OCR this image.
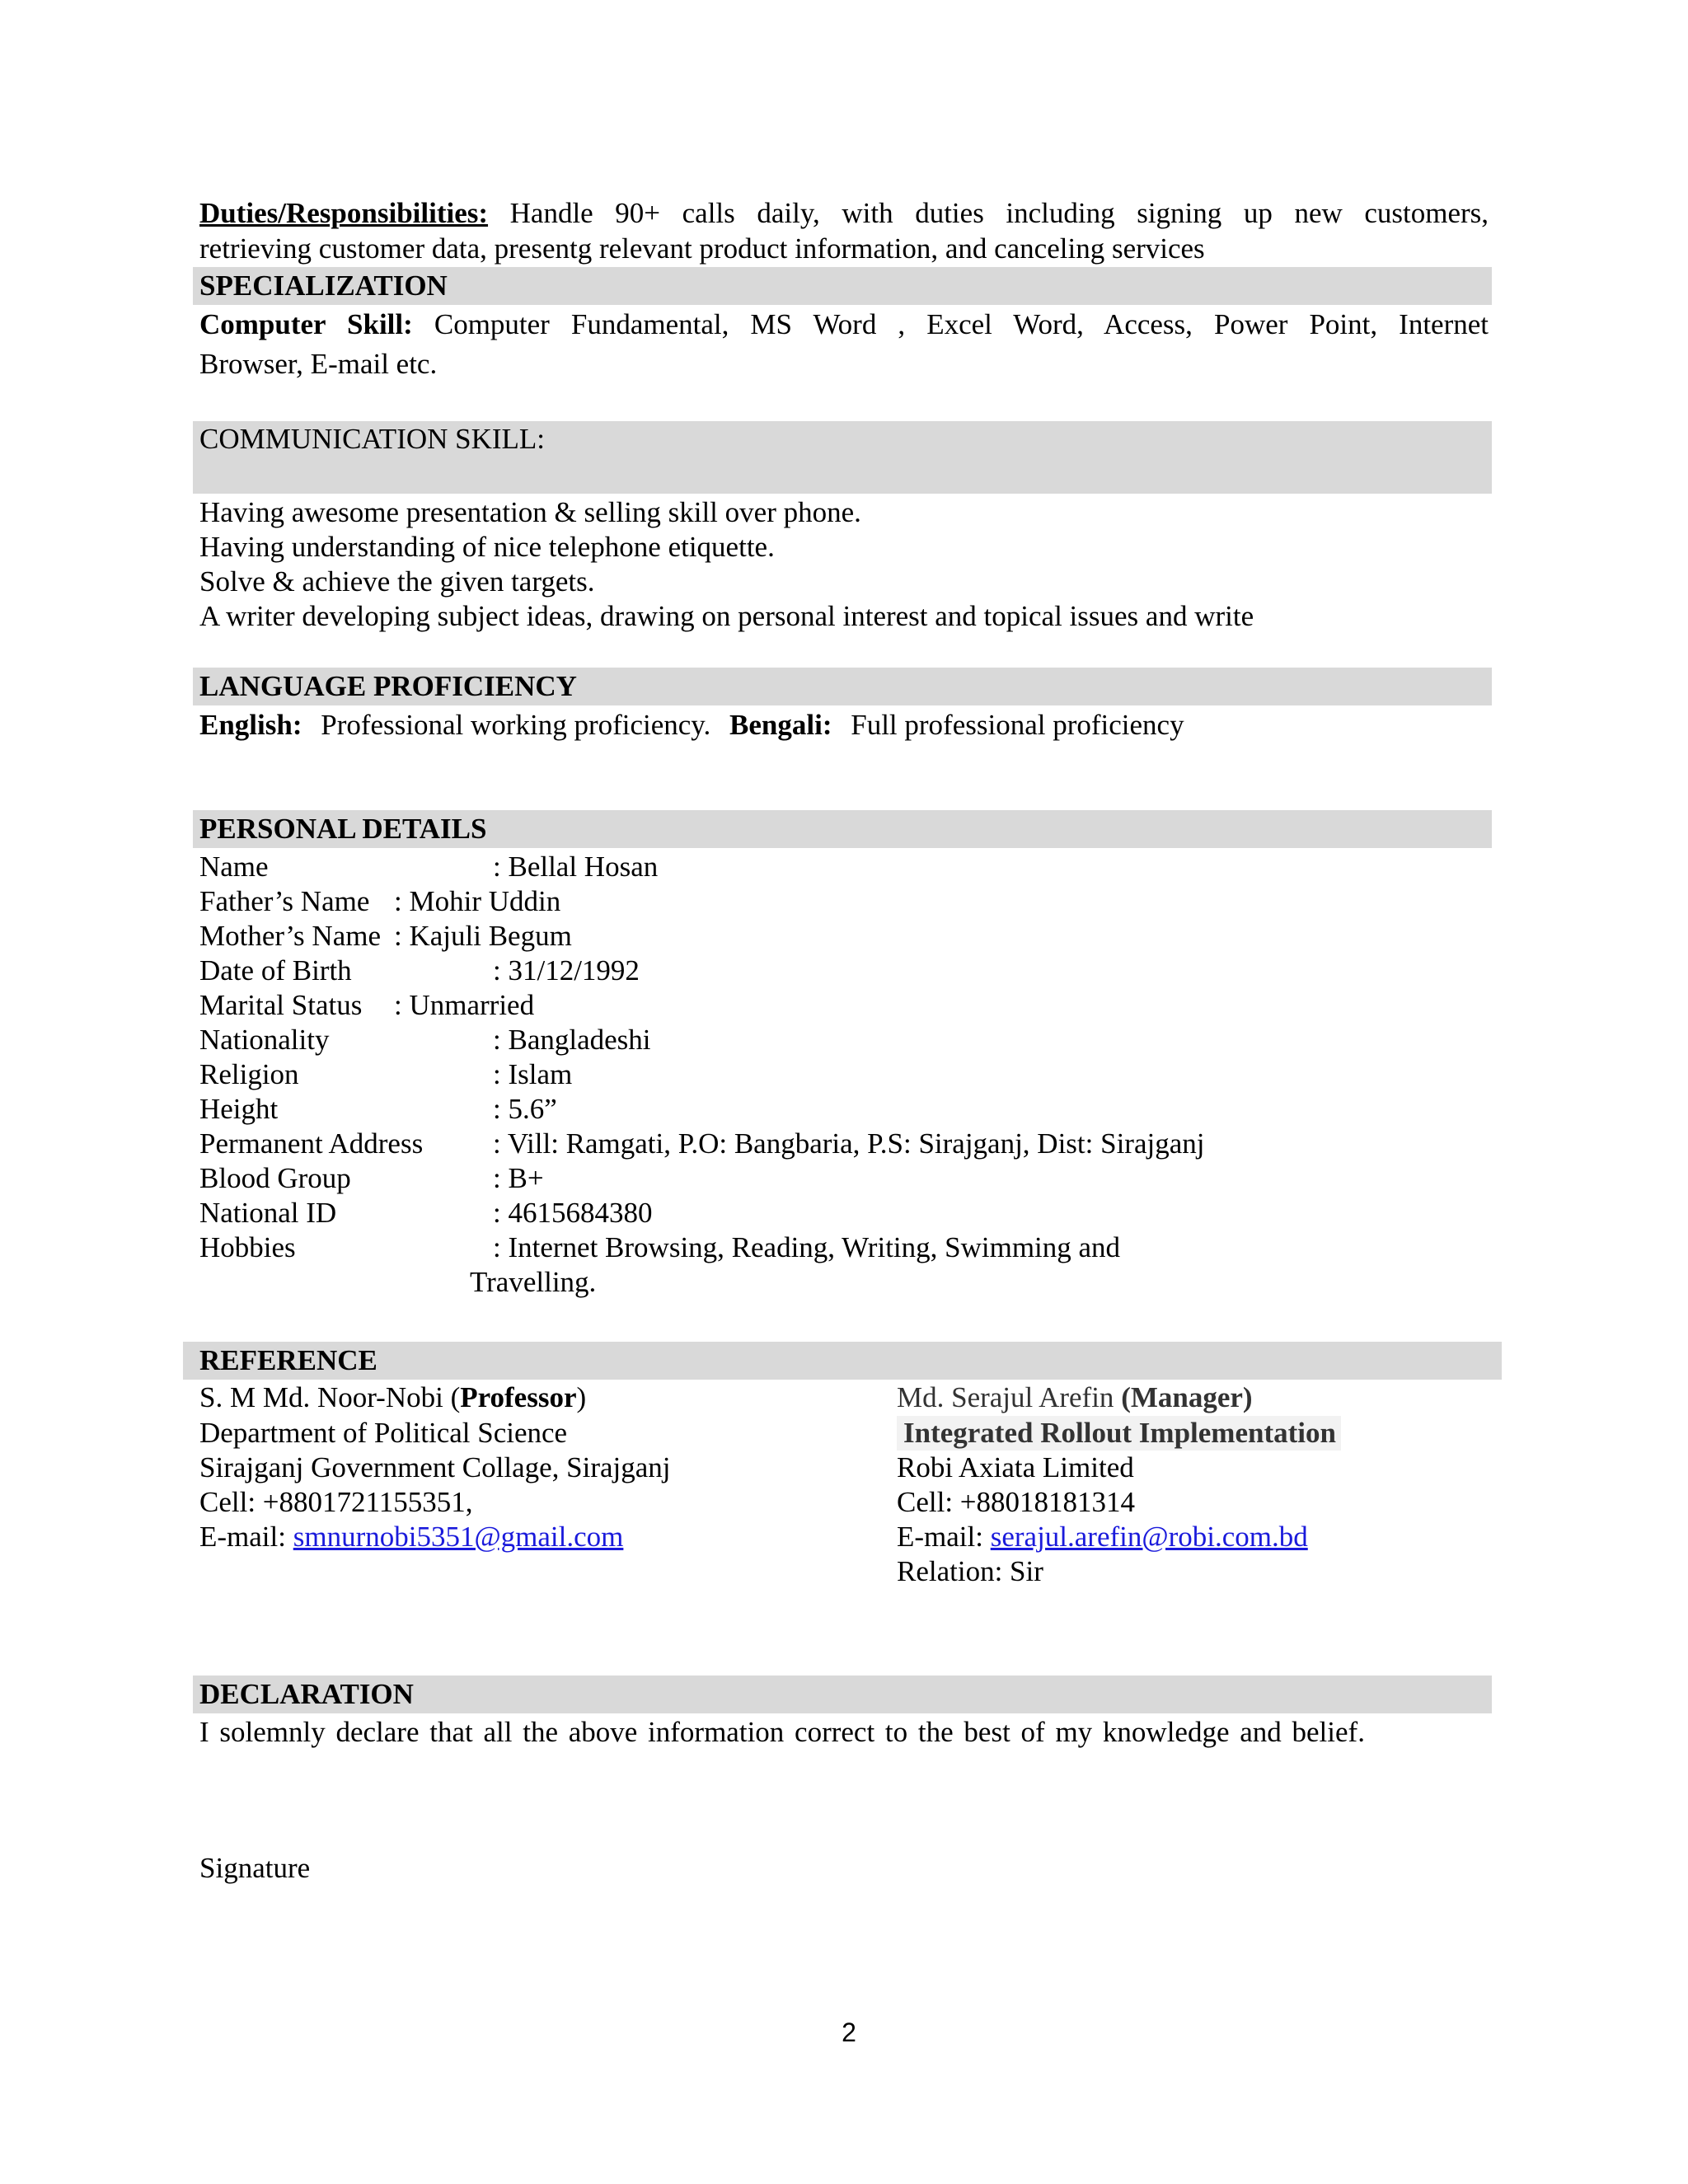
Duties/Responsibilities: Handle 90+ calls daily, with duties including signing up new customers,
retrieving customer data, presentg relevant product information, and canceling services
SPECIALIZATION
Computer Skill: Computer Fundamental, MS Word , Excel Word, Access, Power Point, Internet
Browser, E-mail etc.
COMMUNICATION SKILL:
Having awesome presentation & selling skill over phone.
Having understanding of nice telephone etiquette.
Solve & achieve the given targets.
A writer developing subject ideas, drawing on personal interest and topical issues and write
LANGUAGE PROFICIENCY
English: Professional working proficiency. Bengali: Full professional proficiency
PERSONAL DETAILS
Name	: Bellal Hosan
Father’s Name : Mohir Uddin
Mother’s Name : Kajuli Begum
Date of Birth	: 31/12/1992
Marital Status : Unmarried
Nationality	: Bangladeshi
Religion	: Islam
Height	: 5.6”
Permanent Address : Vill: Ramgati, P.O: Bangbaria, P.S: Sirajganj, Dist: Sirajganj
Blood Group	: B+
National ID	: 4615684380
Hobbies	: Internet Browsing, Reading, Writing, Swimming and
Travelling.
REFERENCE
S. M Md. Noor-Nobi (Professor)
Department of Political Science
Sirajganj Government Collage, Sirajganj
Cell: +8801721155351,
E-mail: smnurnobi5351@gmail.com
Md. Serajul Arefin (Manager)
Integrated Rollout Implementation
Robi Axiata Limited
Cell: +88018181314
E-mail: serajul.arefin@robi.com.bd
Relation: Sir
DECLARATION
I solemnly declare that all the above information correct to the best of my knowledge and belief.
Signature
2
